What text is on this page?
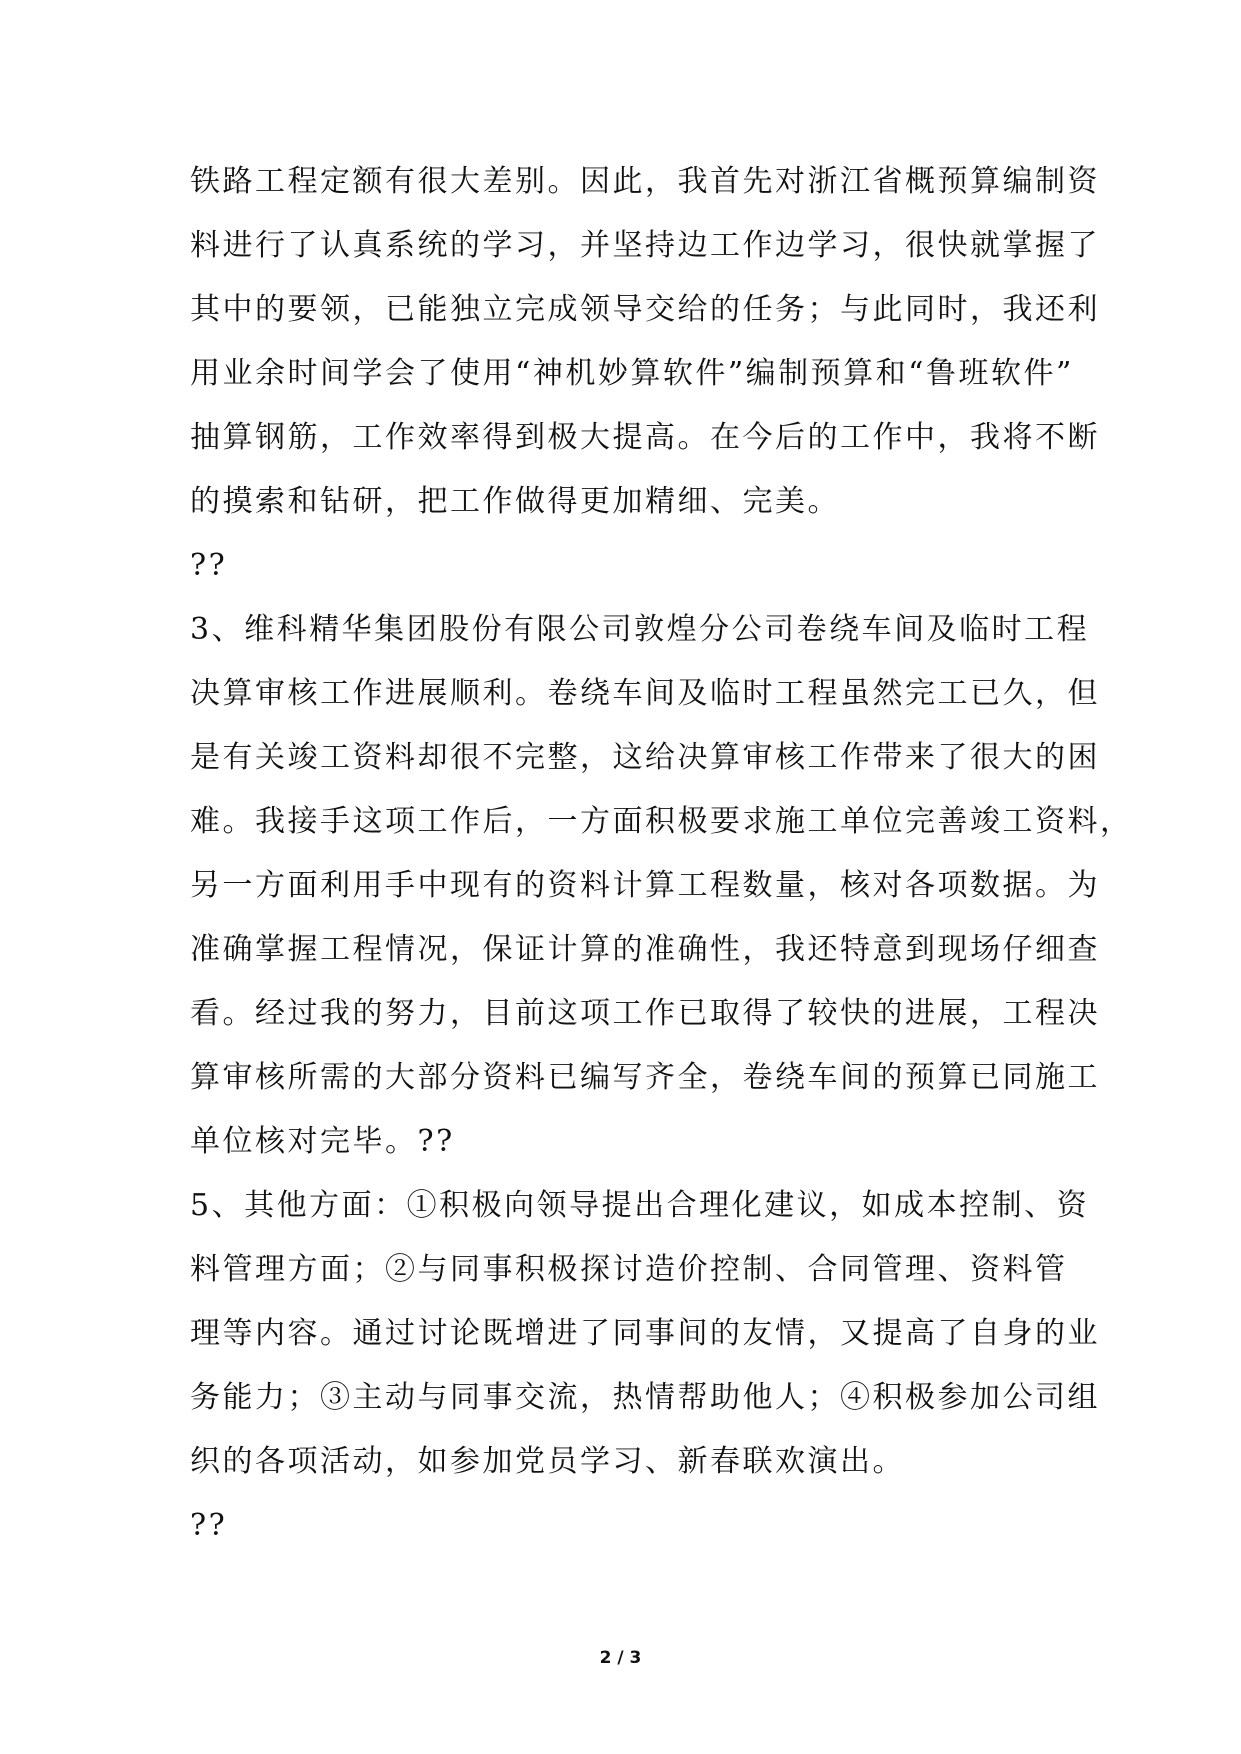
铁路工程定额有很大差别。因此，我首先对浙江省概预算编制资
料进行了认真系统的学习，并坚持边工作边学习，很快就掌握了
其中的要领，已能独立完成领导交给的任务；与此同时，我还利
用业余时间学会了使用“神机妙算软件”编制预算和“鲁班软件”
抽算钢筋，工作效率得到极大提高。在今后的工作中，我将不断
的摸索和钻研，把工作做得更加精细、完美。
??
3、维科精华集团股份有限公司敦煌分公司卷绕车间及临时工程
决算审核工作进展顺利。卷绕车间及临时工程虽然完工已久，但
是有关竣工资料却很不完整，这给决算审核工作带来了很大的困
难。我接手这项工作后，一方面积极要求施工单位完善竣工资料，
另一方面利用手中现有的资料计算工程数量，核对各项数据。为
准确掌握工程情况，保证计算的准确性，我还特意到现场仔细查
看。经过我的努力，目前这项工作已取得了较快的进展，工程决
算审核所需的大部分资料已编写齐全，卷绕车间的预算已同施工
单位核对完毕。??
5、其他方面：①积极向领导提出合理化建议，如成本控制、资
料管理方面；②与同事积极探讨造价控制、合同管理、资料管
理等内容。通过讨论既增进了同事间的友情，又提高了自身的业
务能力；③主动与同事交流，热情帮助他人；④积极参加公司组
织的各项活动，如参加党员学习、新春联欢演出。
??
2 / 3
